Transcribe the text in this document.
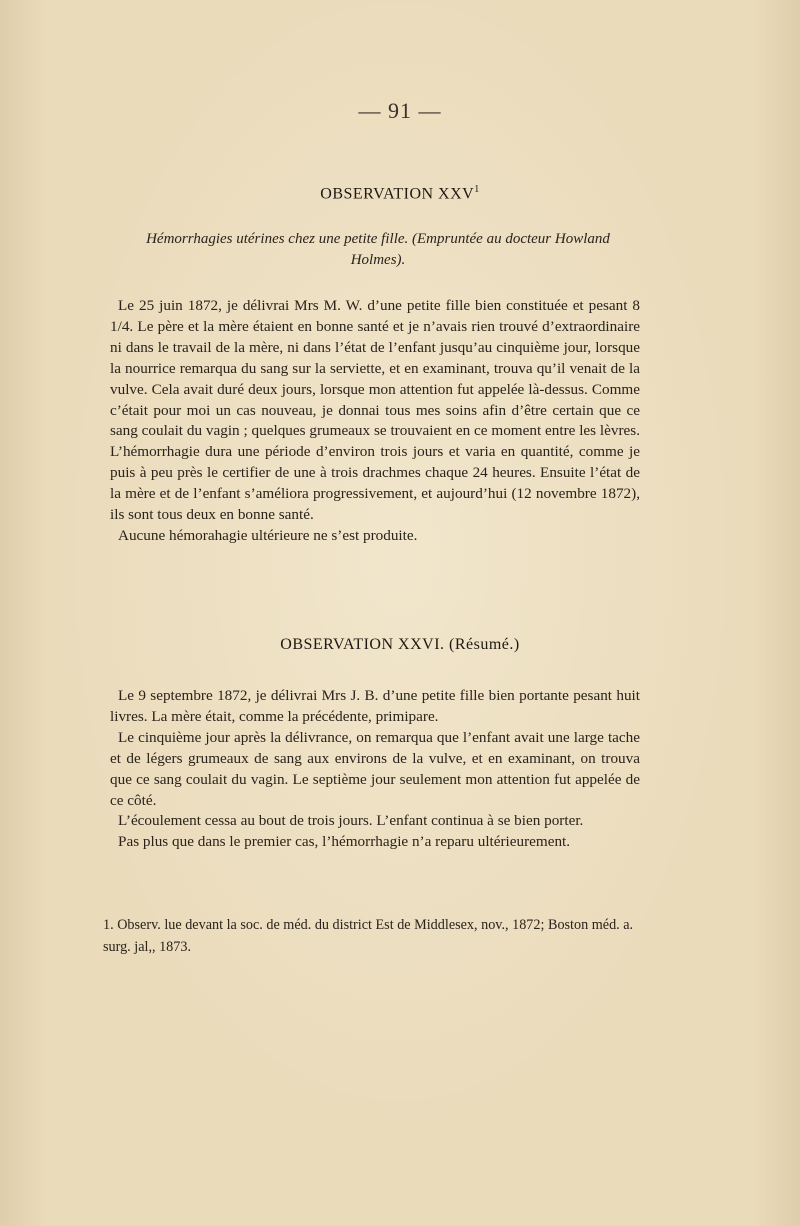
— 91 —
OBSERVATION XXV$^1$
Hémorrhagies utérines chez une petite fille. (Empruntée au docteur Howland Holmes).

Le 25 juin 1872, je délivrai Mrs M. W. d’une petite fille bien constituée et pesant 8 1/4. Le père et la mère étaient en bonne santé et je n’avais rien trouvé d’extraordinaire ni dans le travail de la mère, ni dans l’état de l’enfant jusqu’au cinquième jour, lorsque la nourrice remarqua du sang sur la serviette, et en examinant, trouva qu’il venait de la vulve. Cela avait duré deux jours, lorsque mon attention fut appelée là-dessus. Comme c’était pour moi un cas nouveau, je donnai tous mes soins afin d’être certain que ce sang coulait du vagin ; quelques grumeaux se trouvaient en ce moment entre les lèvres. L’hémorrhagie dura une période d’environ trois jours et varia en quantité, comme je puis à peu près le certifier de une à trois drachmes chaque 24 heures. Ensuite l’état de la mère et de l’enfant s’améliora progressivement, et aujourd’hui (12 novembre 1872), ils sont tous deux en bonne santé.

Aucune hémorahagie ultérieure ne s’est produite.

OBSERVATION XXVI. (Résumé.)

Le 9 septembre 1872, je délivrai Mrs J. B. d’une petite fille bien portante pesant huit livres. La mère était, comme la précédente, primipare.

Le cinquième jour après la délivrance, on remarqua que l’enfant avait une large tache et de légers grumeaux de sang aux environs de la vulve, et en examinant, on trouva que ce sang coulait du vagin. Le septième jour seulement mon attention fut appelée de ce côté.

L’écoulement cessa au bout de trois jours. L’enfant continua à se bien porter.

Pas plus que dans le premier cas, l’hémorrhagie n’a reparu ultérieurement.

1. Observ. lue devant la soc. de méd. du district Est de Middlesex, nov., 1872; Boston méd. a. surg. jal,, 1873.
